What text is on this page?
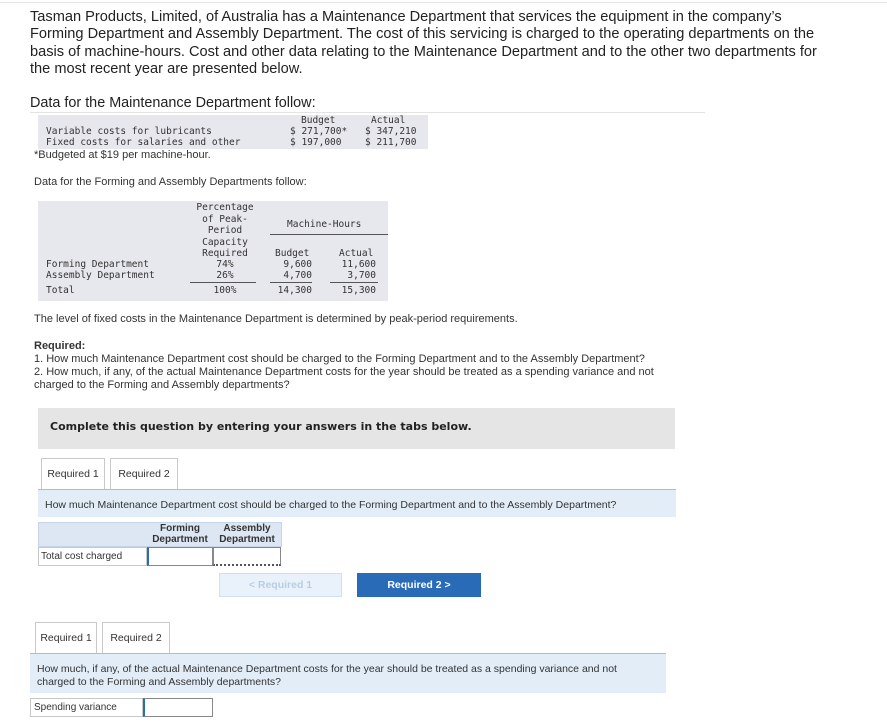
Tasman Products, Limited, of Australia has a Maintenance Department that services the equipment in the company’s Forming Department and Assembly Department. The cost of this servicing is charged to the operating departments on the basis of machine-hours. Cost and other data relating to the Maintenance Department and to the other two departments for the most recent year are presented below.

Data for the Maintenance Department follow:
Budget	Actual
Variable costs for lubricants	$ 271,700* $ 347,210
Fixed costs for salaries and other	$ 197,000 $ 211,700
*Budgeted at $19 per machine-hour.
Data for the Forming and Assembly Departments follow:
Percentage
of Peak-
Period
Capacity
Required
Machine-Hours
Budget	Actual
Forming Department	74%	9,600	11,600
Assembly Department	26%	4,700	3,700
Total	100%	14,300	15,300
The level of fixed costs in the Maintenance Department is determined by peak-period requirements.
Required:
1. How much Maintenance Department cost should be charged to the Forming Department and to the Assembly Department?
2. How much, if any, of the actual Maintenance Department costs for the year should be treated as a spending variance and not
charged to the Forming and Assembly departments?
Complete this question by entering your answers in the tabs below.
Required 1	Required 2
How much Maintenance Department cost should be charged to the Forming Department and to the Assembly Department?
Forming
Department
Assembly
Department
Total cost charged
< Required 1	Required 2 >
Required 1	Required 2
How much, if any, of the actual Maintenance Department costs for the year should be treated as a spending variance and not
charged to the Forming and Assembly departments?
Spending variance
